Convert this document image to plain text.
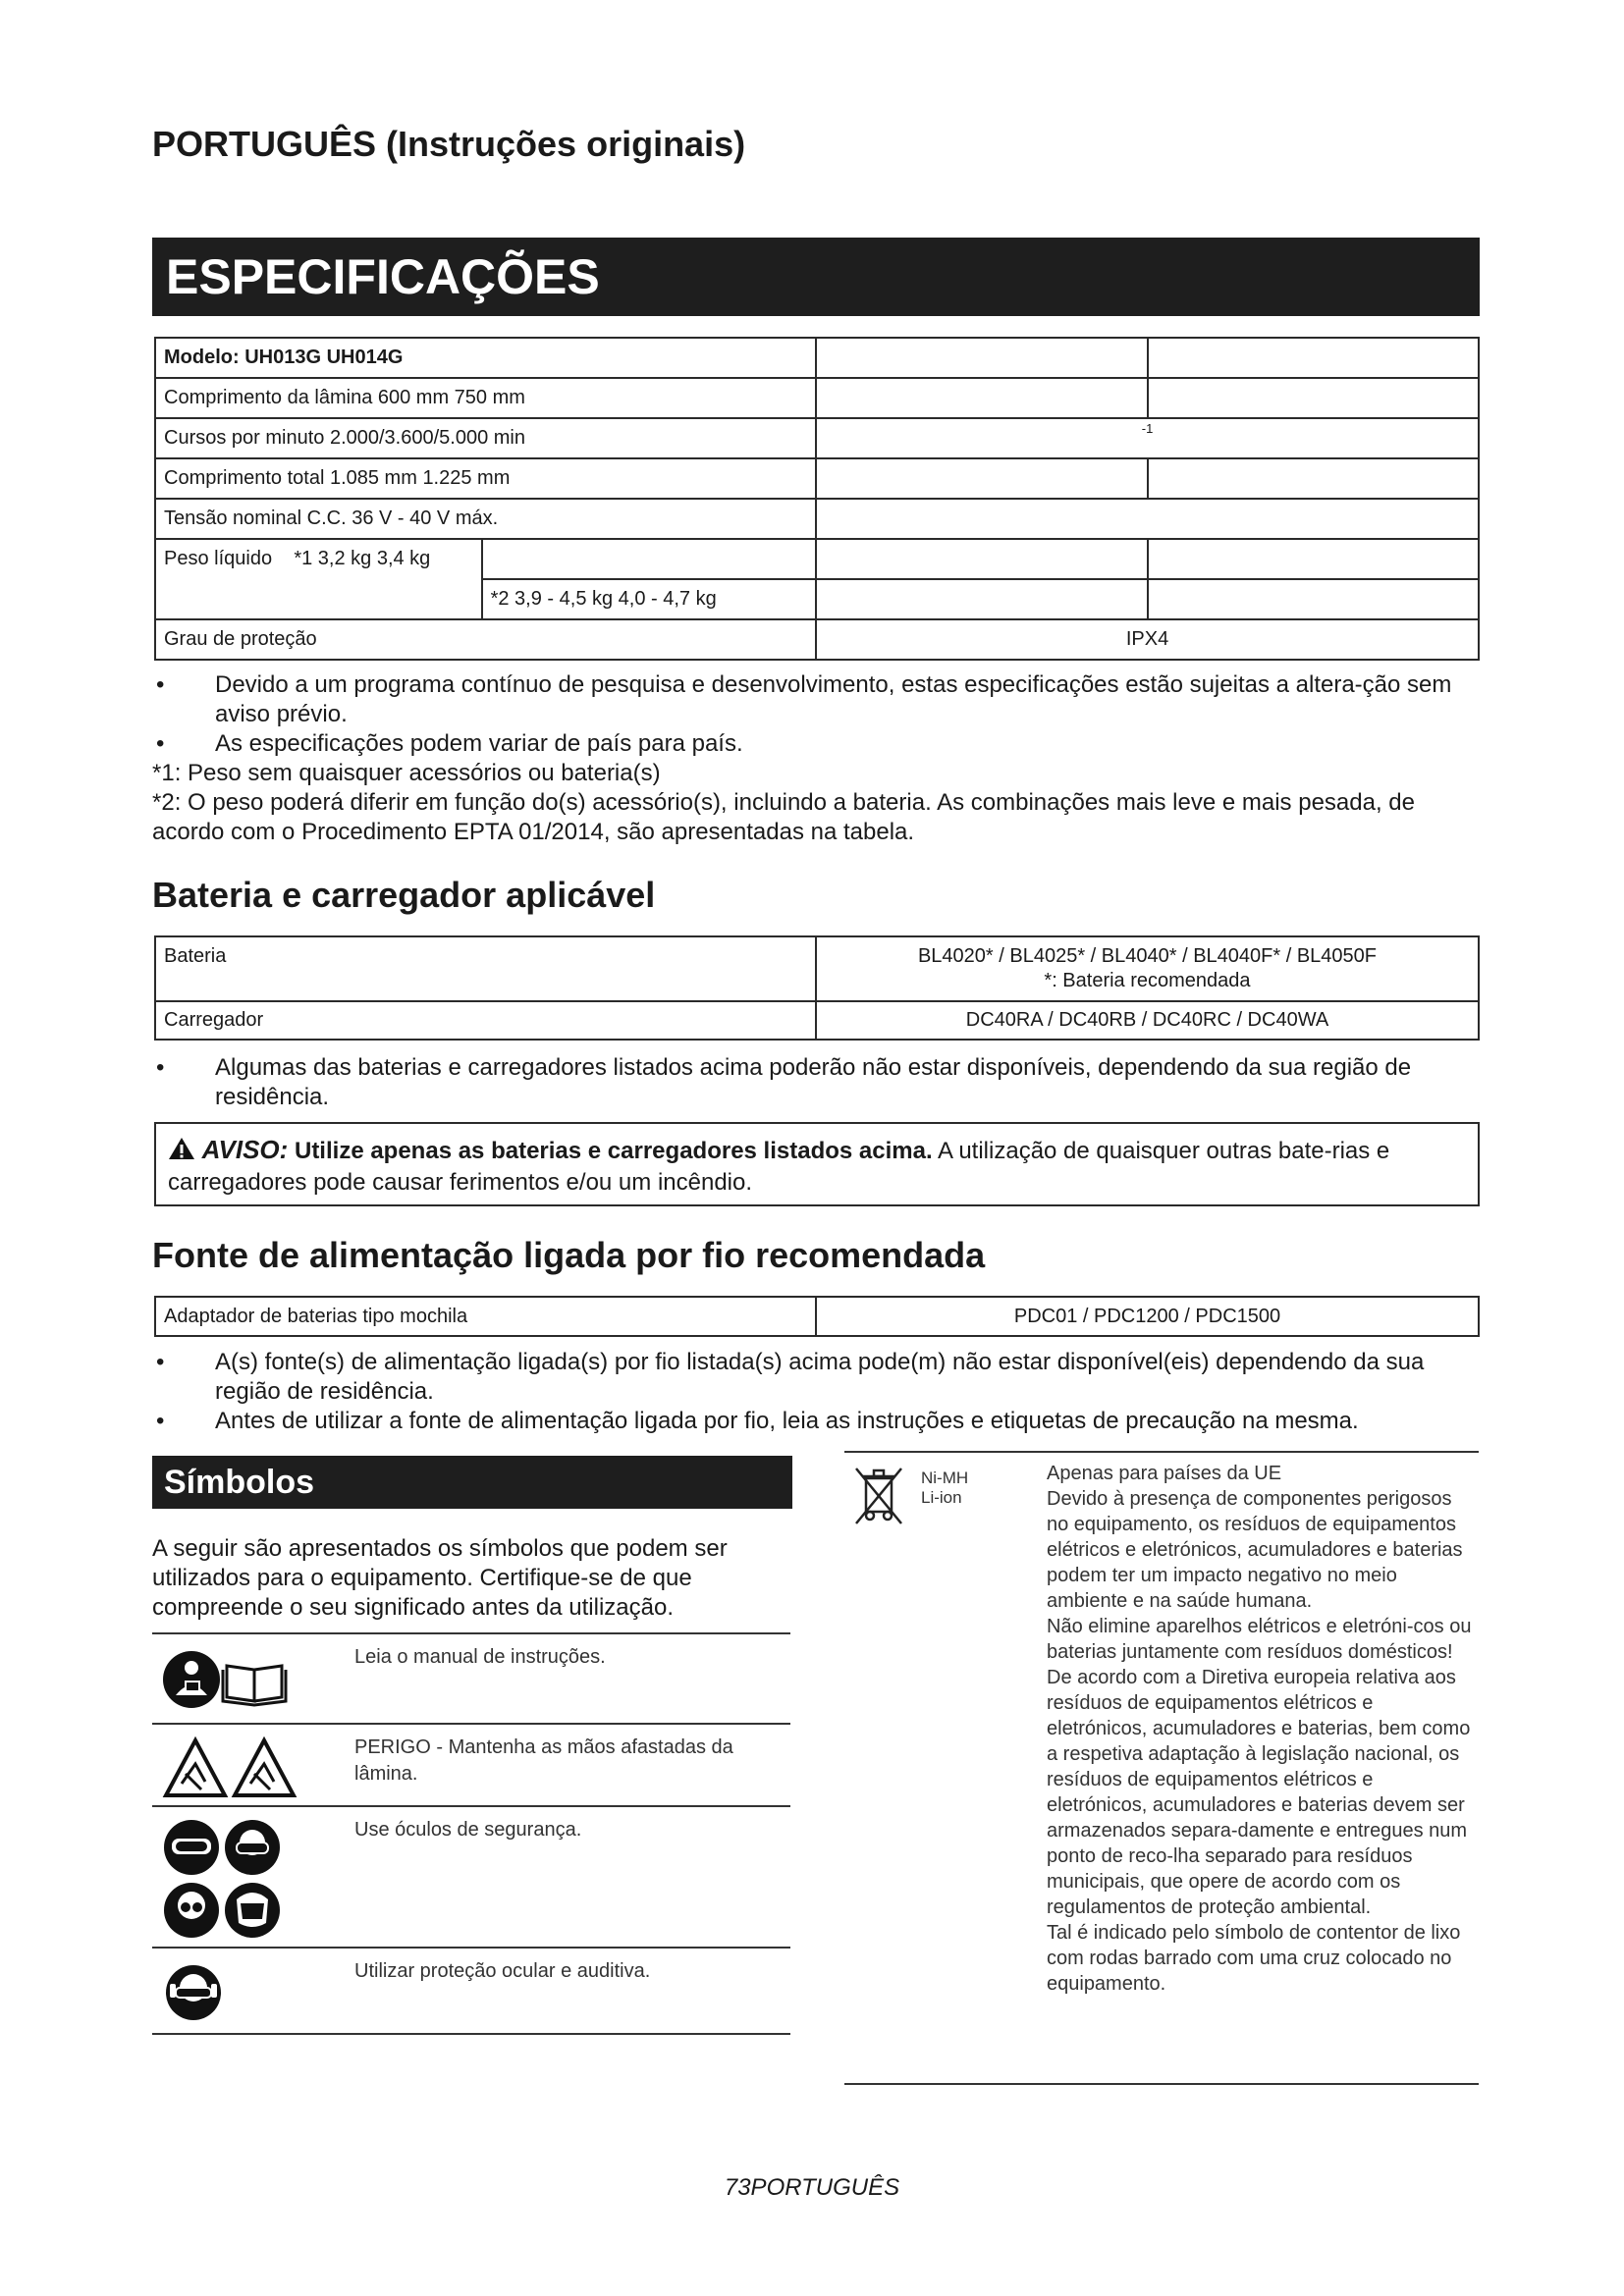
PORTUGUÊS (Instruções originais)
ESPECIFICAÇÕES
Modelo: UH013G UH014G			
Comprimento da lâmina 600 mm 750 mm			
Cursos por minuto 2.000/3.600/5.000 min		$^{-1}$
Comprimento total 1.085 mm 1.225 mm			
Tensão nominal C.C. 36 V - 40 V máx.			
Peso líquido *1 3,2 kg 3,4 kg			
	*2 3,9 - 4,5 kg 4,0 - 4,7 kg		
Grau de proteção		IPX4	
• Devido a um programa contínuo de pesquisa e desenvolvimento, estas especificações estão sujeitas a altera-ção sem aviso prévio.
• As especificações podem variar de país para país.
*1: Peso sem quaisquer acessórios ou bateria(s)
*2: O peso poderá diferir em função do(s) acessório(s), incluindo a bateria. As combinações mais leve e mais pesada, de acordo com o Procedimento EPTA 01/2014, são apresentadas na tabela.
Bateria e carregador aplicável
Bateria	BL4020* / BL4025* / BL4040* / BL4040F* / BL4050F
*: Bateria recomendada

Carregador	DC40RA / DC40RB / DC40RC / DC40WA
• Algumas das baterias e carregadores listados acima poderão não estar disponíveis, dependendo da sua região de residência.
AVISO: Utilize apenas as baterias e carregadores listados acima. A utilização de quaisquer outras bate-rias e carregadores pode causar ferimentos e/ou um incêndio.
Fonte de alimentação ligada por fio recomendada
Adaptador de baterias tipo mochila	PDC01 / PDC1200 / PDC1500
• A(s) fonte(s) de alimentação ligada(s) por fio listada(s) acima pode(m) não estar disponível(eis) dependendo da sua região de residência.
• Antes de utilizar a fonte de alimentação ligada por fio, leia as instruções e etiquetas de precaução na mesma.
Símbolos
A seguir são apresentados os símbolos que podem ser utilizados para o equipamento. Certifique-se de que compreende o seu significado antes da utilização.
Leia o manual de instruções.
PERIGO - Mantenha as mãos afastadas da lâmina.
Use óculos de segurança.
Utilizar proteção ocular e auditiva.
Ni-MH
Li-ion
Apenas para países da UE
Devido à presença de componentes perigosos no equipamento, os resíduos de equipamentos elétricos e eletrónicos, acumuladores e baterias podem ter um impacto negativo no meio ambiente e na saúde humana.
Não elimine aparelhos elétricos e eletróni-cos ou baterias juntamente com resíduos domésticos!
De acordo com a Diretiva europeia relativa aos resíduos de equipamentos elétricos e eletrónicos, acumuladores e baterias, bem como a respetiva adaptação à legislação nacional, os resíduos de equipamentos elétricos e eletrónicos, acumuladores e baterias devem ser armazenados separa-damente e entregues num ponto de reco-lha separado para resíduos municipais, que opere de acordo com os regulamentos de proteção ambiental.
Tal é indicado pelo símbolo de contentor de lixo com rodas barrado com uma cruz colocado no equipamento.
73PORTUGUÊS
